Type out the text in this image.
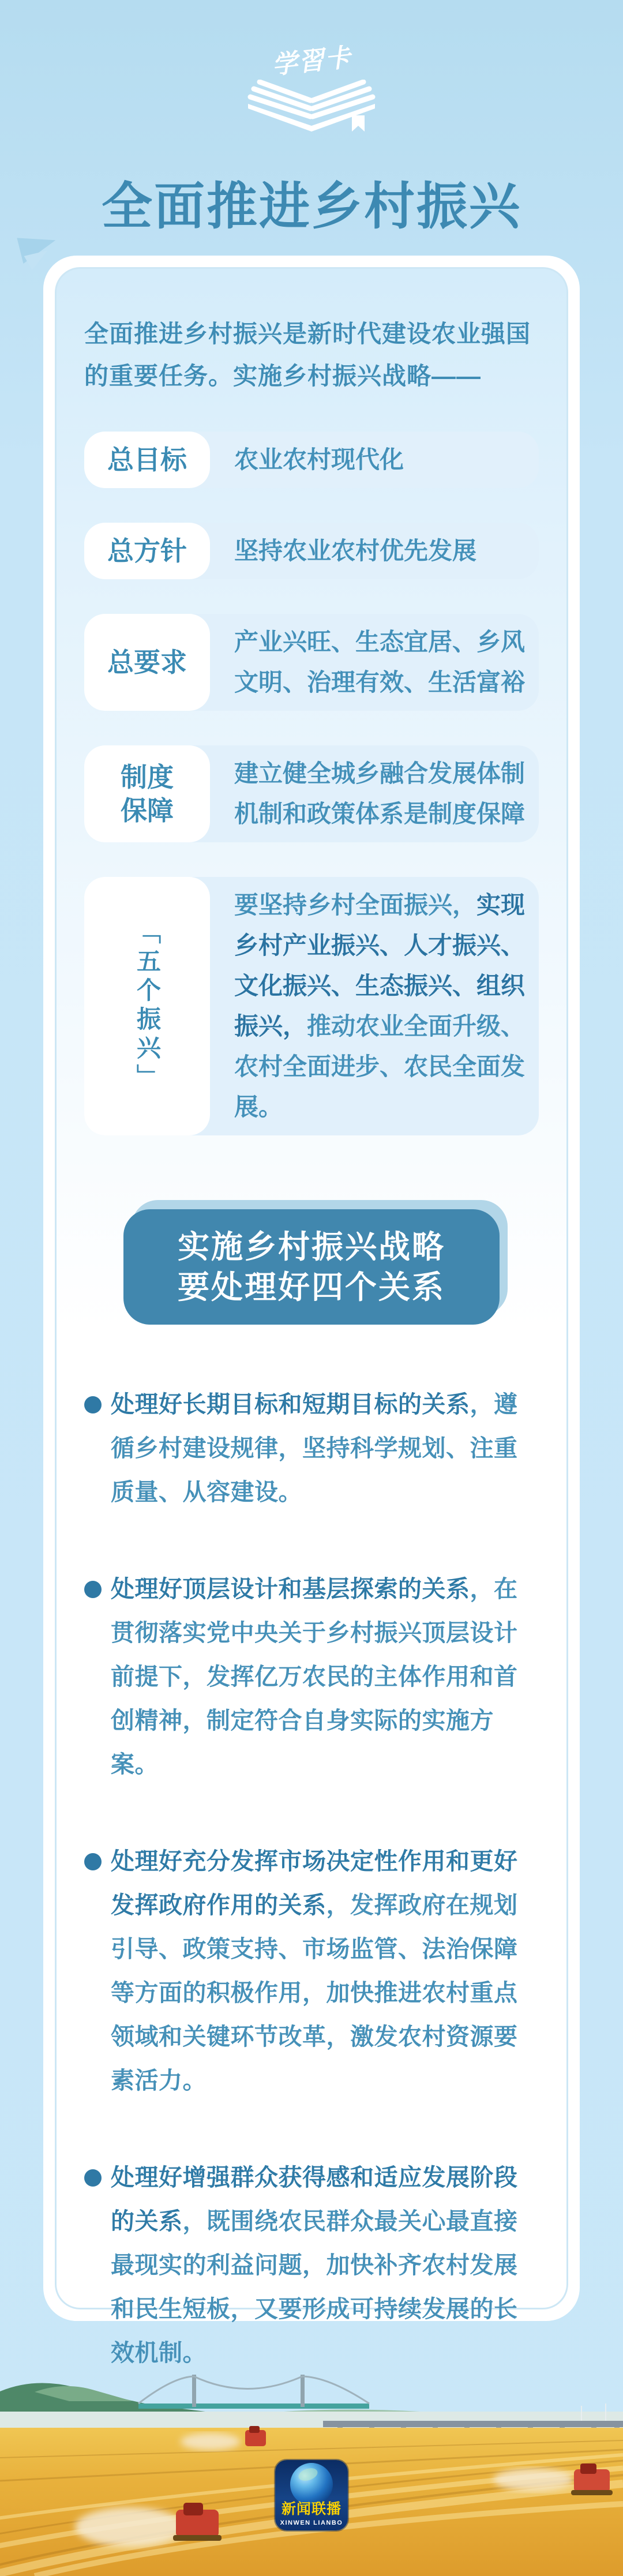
学習卡
全面推进乡村振兴
全面推进乡村振兴是新时代建设农业强国的重要任务。实施乡村振兴战略——
总目标	农业农村现代化
总方针	坚持农业农村优先发展
总要求
产业兴旺、生态宜居、乡风文明、治理有效、生活富裕
制度
保障
建立健全城乡融合发展体制机制和政策体系是制度保障
「五个振兴」
要坚持乡村全面振兴，实现乡村产业振兴、人才振兴、文化振兴、生态振兴、组织振兴，推动农业全面升级、农村全面进步、农民全面发展。
实施乡村振兴战略
要处理好四个关系
处理好长期目标和短期目标的关系，遵循乡村建设规律，坚持科学规划、注重质量、从容建设。
处理好顶层设计和基层探索的关系，在贯彻落实党中央关于乡村振兴顶层设计前提下，发挥亿万农民的主体作用和首创精神，制定符合自身实际的实施方案。
处理好充分发挥市场决定性作用和更好发挥政府作用的关系，发挥政府在规划引导、政策支持、市场监管、法治保障等方面的积极作用，加快推进农村重点领域和关键环节改革，激发农村资源要素活力。
处理好增强群众获得感和适应发展阶段的关系，既围绕农民群众最关心最直接最现实的利益问题，加快补齐农村发展和民生短板，又要形成可持续发展的长效机制。
新闻联播
XINWEN LIANBO
